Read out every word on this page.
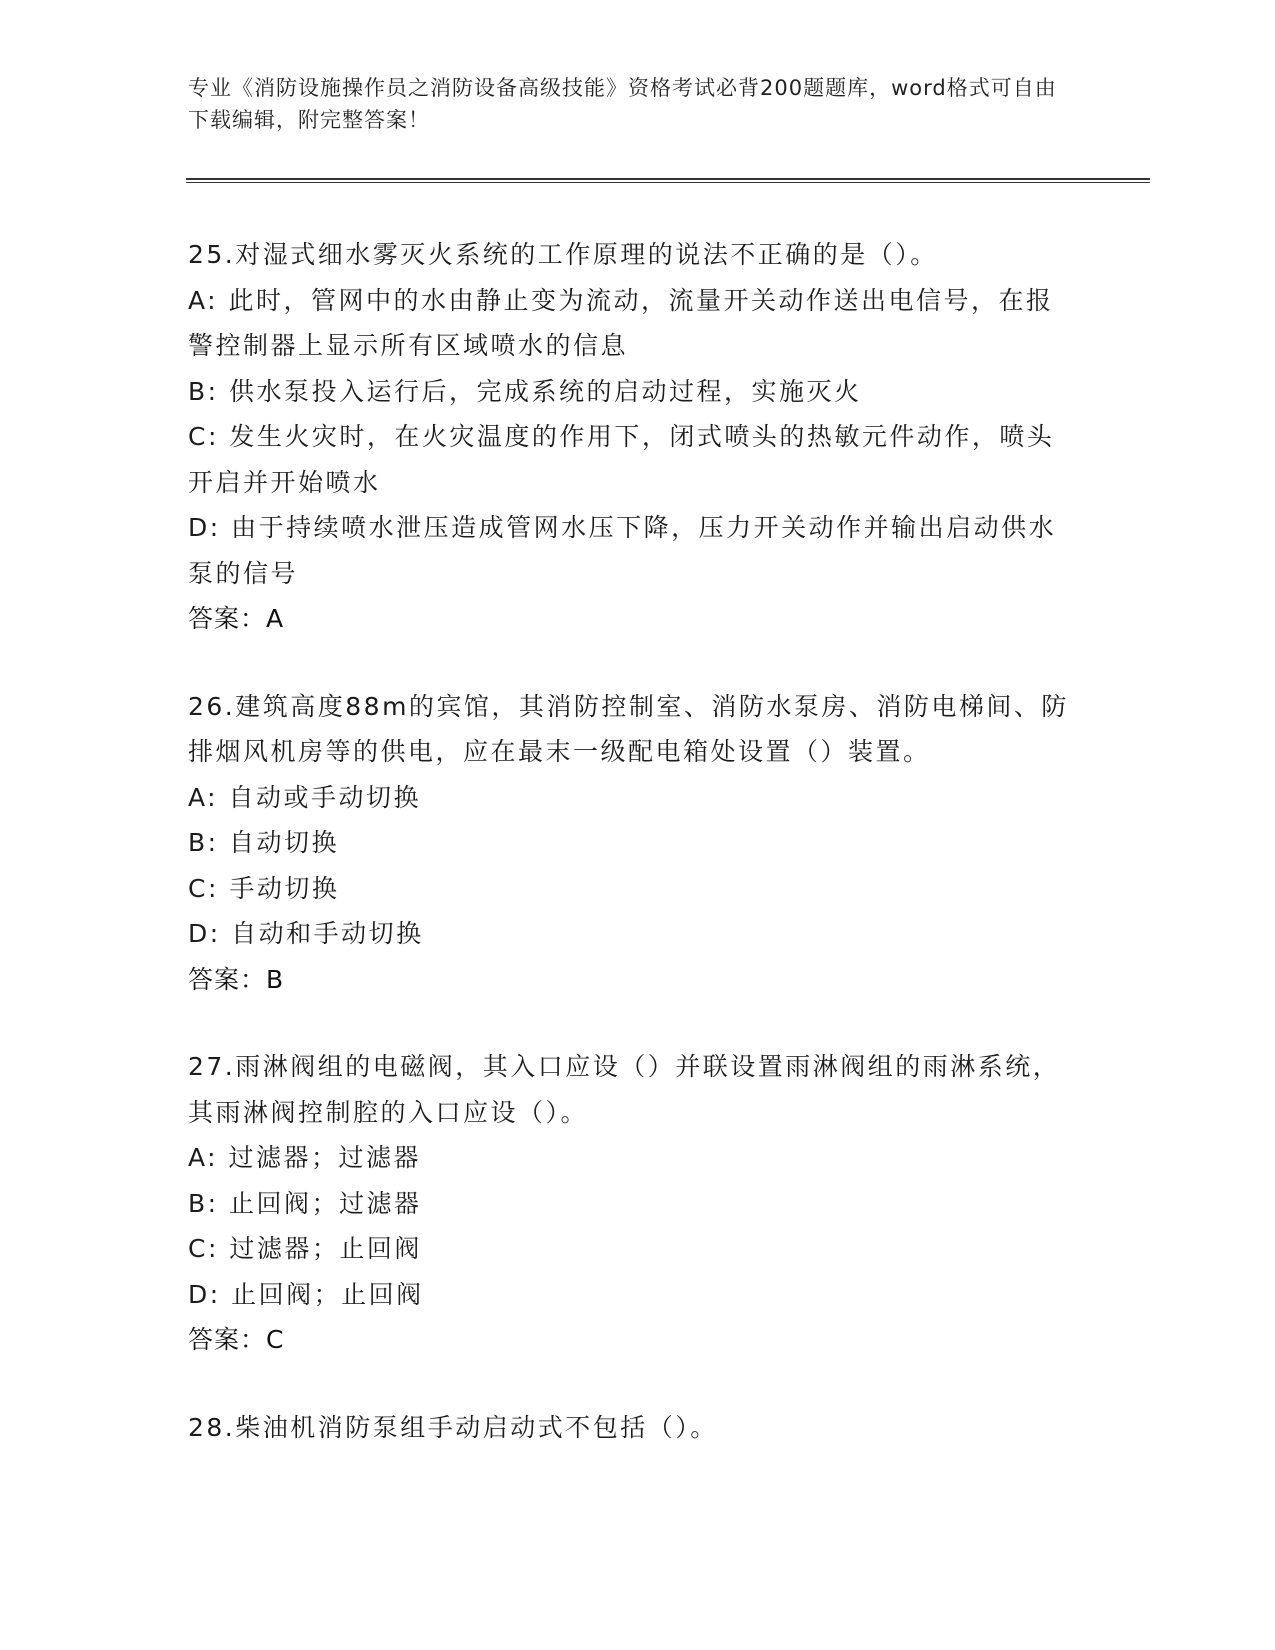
专业《消防设施操作员之消防设备高级技能》资格考试必背200题题库，word格式可自由下载编辑，附完整答案！
25.对湿式细水雾灭火系统的工作原理的说法不正确的是（）。
A: 此时，管网中的水由静止变为流动，流量开关动作送出电信号，在报警控制器上显示所有区域喷水的信息
B: 供水泵投入运行后，完成系统的启动过程，实施灭火
C: 发生火灾时，在火灾温度的作用下，闭式喷头的热敏元件动作，喷头开启并开始喷水
D: 由于持续喷水泄压造成管网水压下降，压力开关动作并输出启动供水泵的信号
答案：A
26.建筑高度88m的宾馆，其消防控制室、消防水泵房、消防电梯间、防排烟风机房等的供电，应在最末一级配电箱处设置（）装置。
A: 自动或手动切换
B: 自动切换
C: 手动切换
D: 自动和手动切换
答案：B
27.雨淋阀组的电磁阀，其入口应设（）并联设置雨淋阀组的雨淋系统，其雨淋阀控制腔的入口应设（）。
A: 过滤器；过滤器
B: 止回阀；过滤器
C: 过滤器；止回阀
D: 止回阀；止回阀
答案：C
28.柴油机消防泵组手动启动式不包括（）。
